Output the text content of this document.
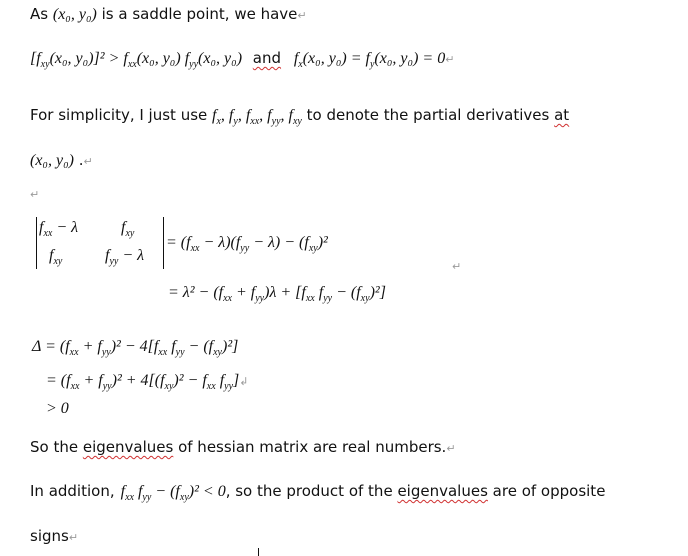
As (x₀, y₀) is a saddle point, we have↵
[$f_{xy}(x_0$, $y_0)]^2 > f_{xx}(x_0$, y₀) $f_{yy}(x_0$, y₀) and $f_x(x_0$, $y_0) = f_y(x_0$, y₀) = 0↵
For simplicity, I just use $f_x$, $f_y$, $f_{xx}$, $f_{yy}$, $f_{xy}$ to denote the partial derivatives at
(x₀, y₀) .↵
↵
$f_{xx} - \lambda$	$f_{xy}$
$f_{xy}$	$f_{yy} - \lambda$
= $(f_{xx} - \lambda)(f_{yy} - \lambda) - (f_{xy})^2$
↵
= $\lambda^2 - (f_{xx} + f_{yy})\lambda + [f_{xx}$ $f_{yy} - (f_{xy})^2$]
$\Delta = (f_{xx} + f_{yy})^2 - 4[f_{xx}$ $f_{yy} - (f_{xy})^2$]
= $(f_{xx} + f_{yy})^2 + 4[(f_{xy})^2 - f_{xx}$ $f_{yy}]↲$
> 0
So the eigenvalues of hessian matrix are real numbers.↵
In addition, $f_{xx}$ $f_{yy} - (f_{xy})^2 < 0$, so the product of the eigenvalues are of opposite
signs↵
